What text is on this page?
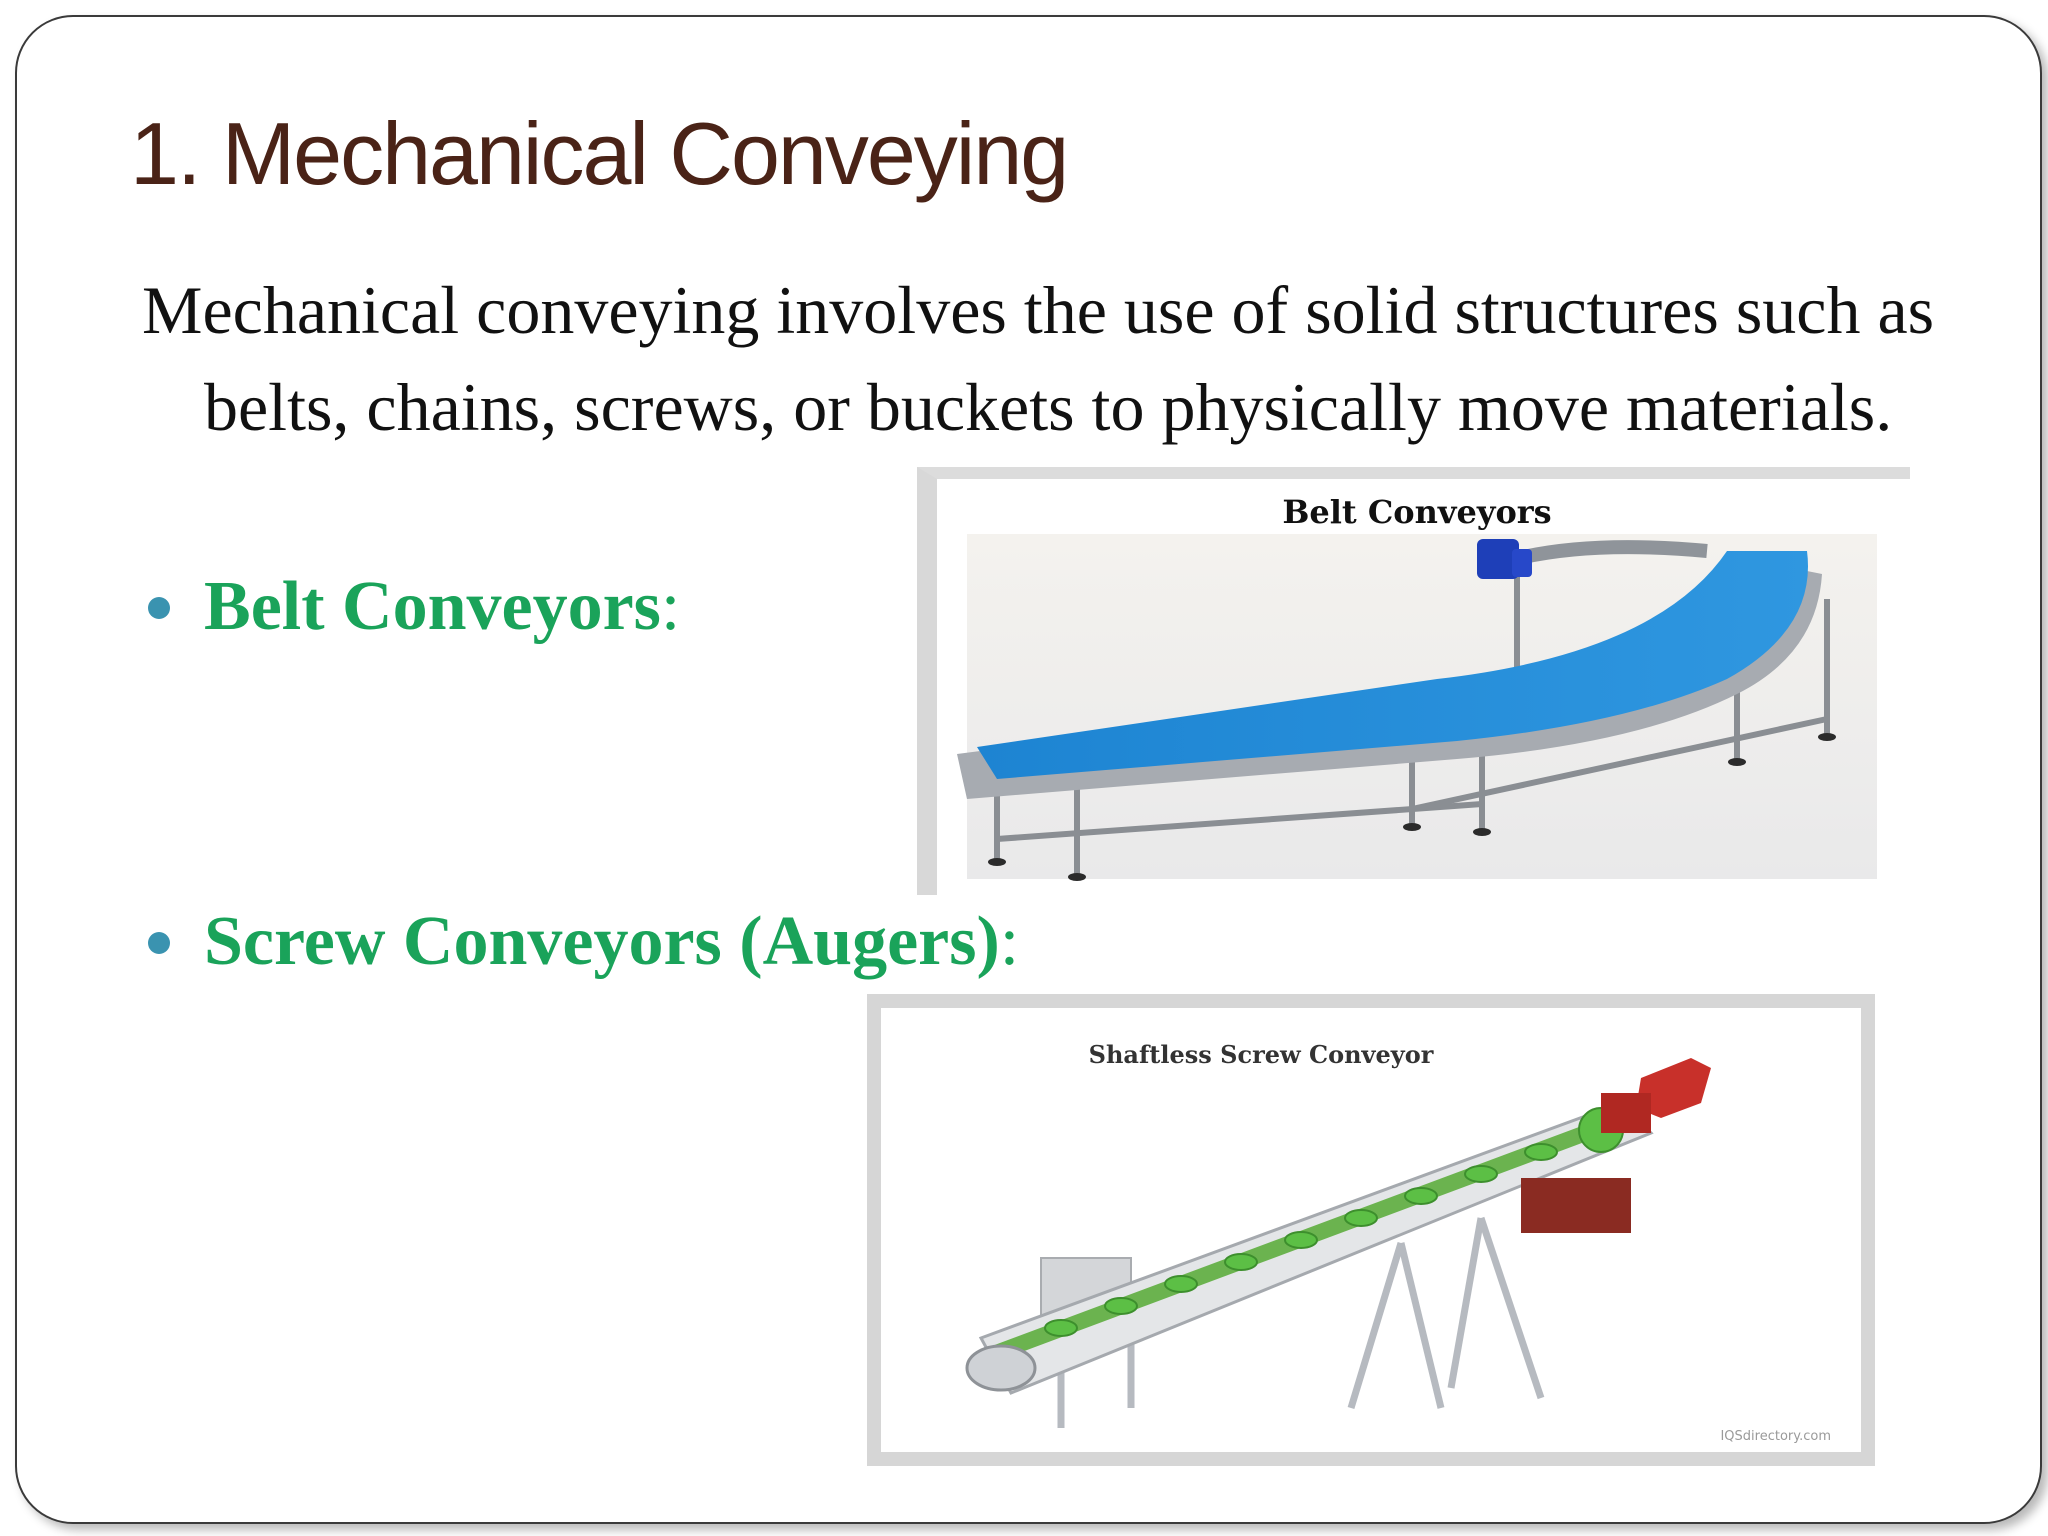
1. Mechanical Conveying

Mechanical conveying involves the use of solid structures such as belts, chains, screws, or buckets to physically move materials.

Belt Conveyors:
Screw Conveyors (Augers):
Belt Conveyors
Shaftless Screw Conveyor
IQSdirectory.com
